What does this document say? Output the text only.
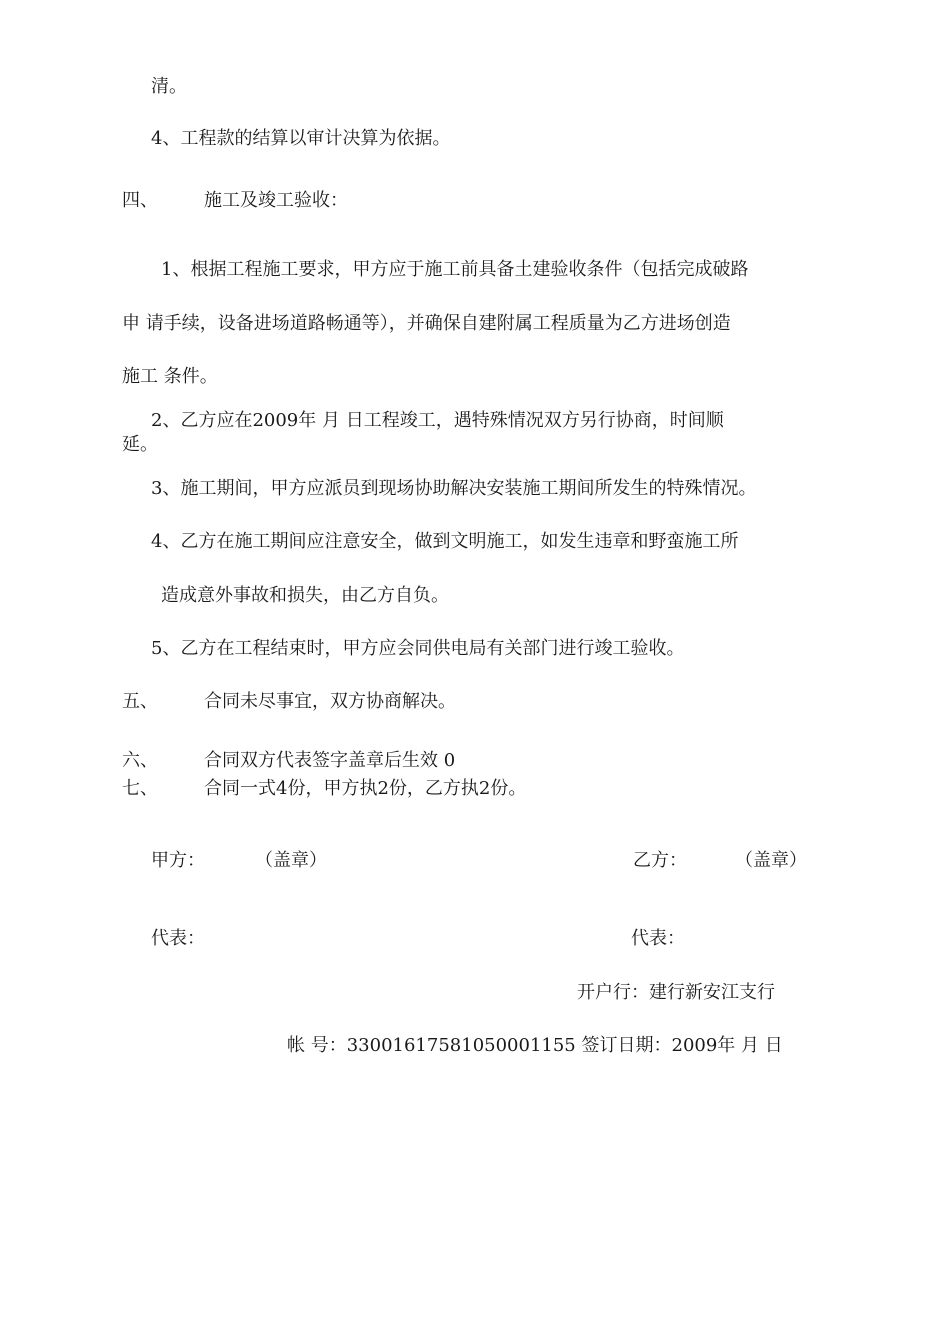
清。
4、工程款的结算以审计决算为依据。
四、	施工及竣工验收：
1、根据工程施工要求，甲方应于施工前具备土建验收条件（包括完成破路
申 请手续，设备进场道路畅通等），并确保自建附属工程质量为乙方进场创造
施工 条件。
2、乙方应在2009年 月 日工程竣工，遇特殊情况双方另行协商，时间顺
延。
3、施工期间，甲方应派员到现场协助解决安装施工期间所发生的特殊情况。
4、乙方在施工期间应注意安全，做到文明施工，如发生违章和野蛮施工所
造成意外事故和损失，由乙方自负。
5、乙方在工程结束时，甲方应会同供电局有关部门进行竣工验收。
五、	合同未尽事宜，双方协商解决。
六、	合同双方代表签字盖章后生效 0
七、	合同一式4份，甲方执2份，乙方执2份。
甲方：	（盖章）	乙方：	（盖章）
代表：	代表：
开户行：建行新安江支行
帐 号：33001617581050001155 签订日期：2009年 月 日
